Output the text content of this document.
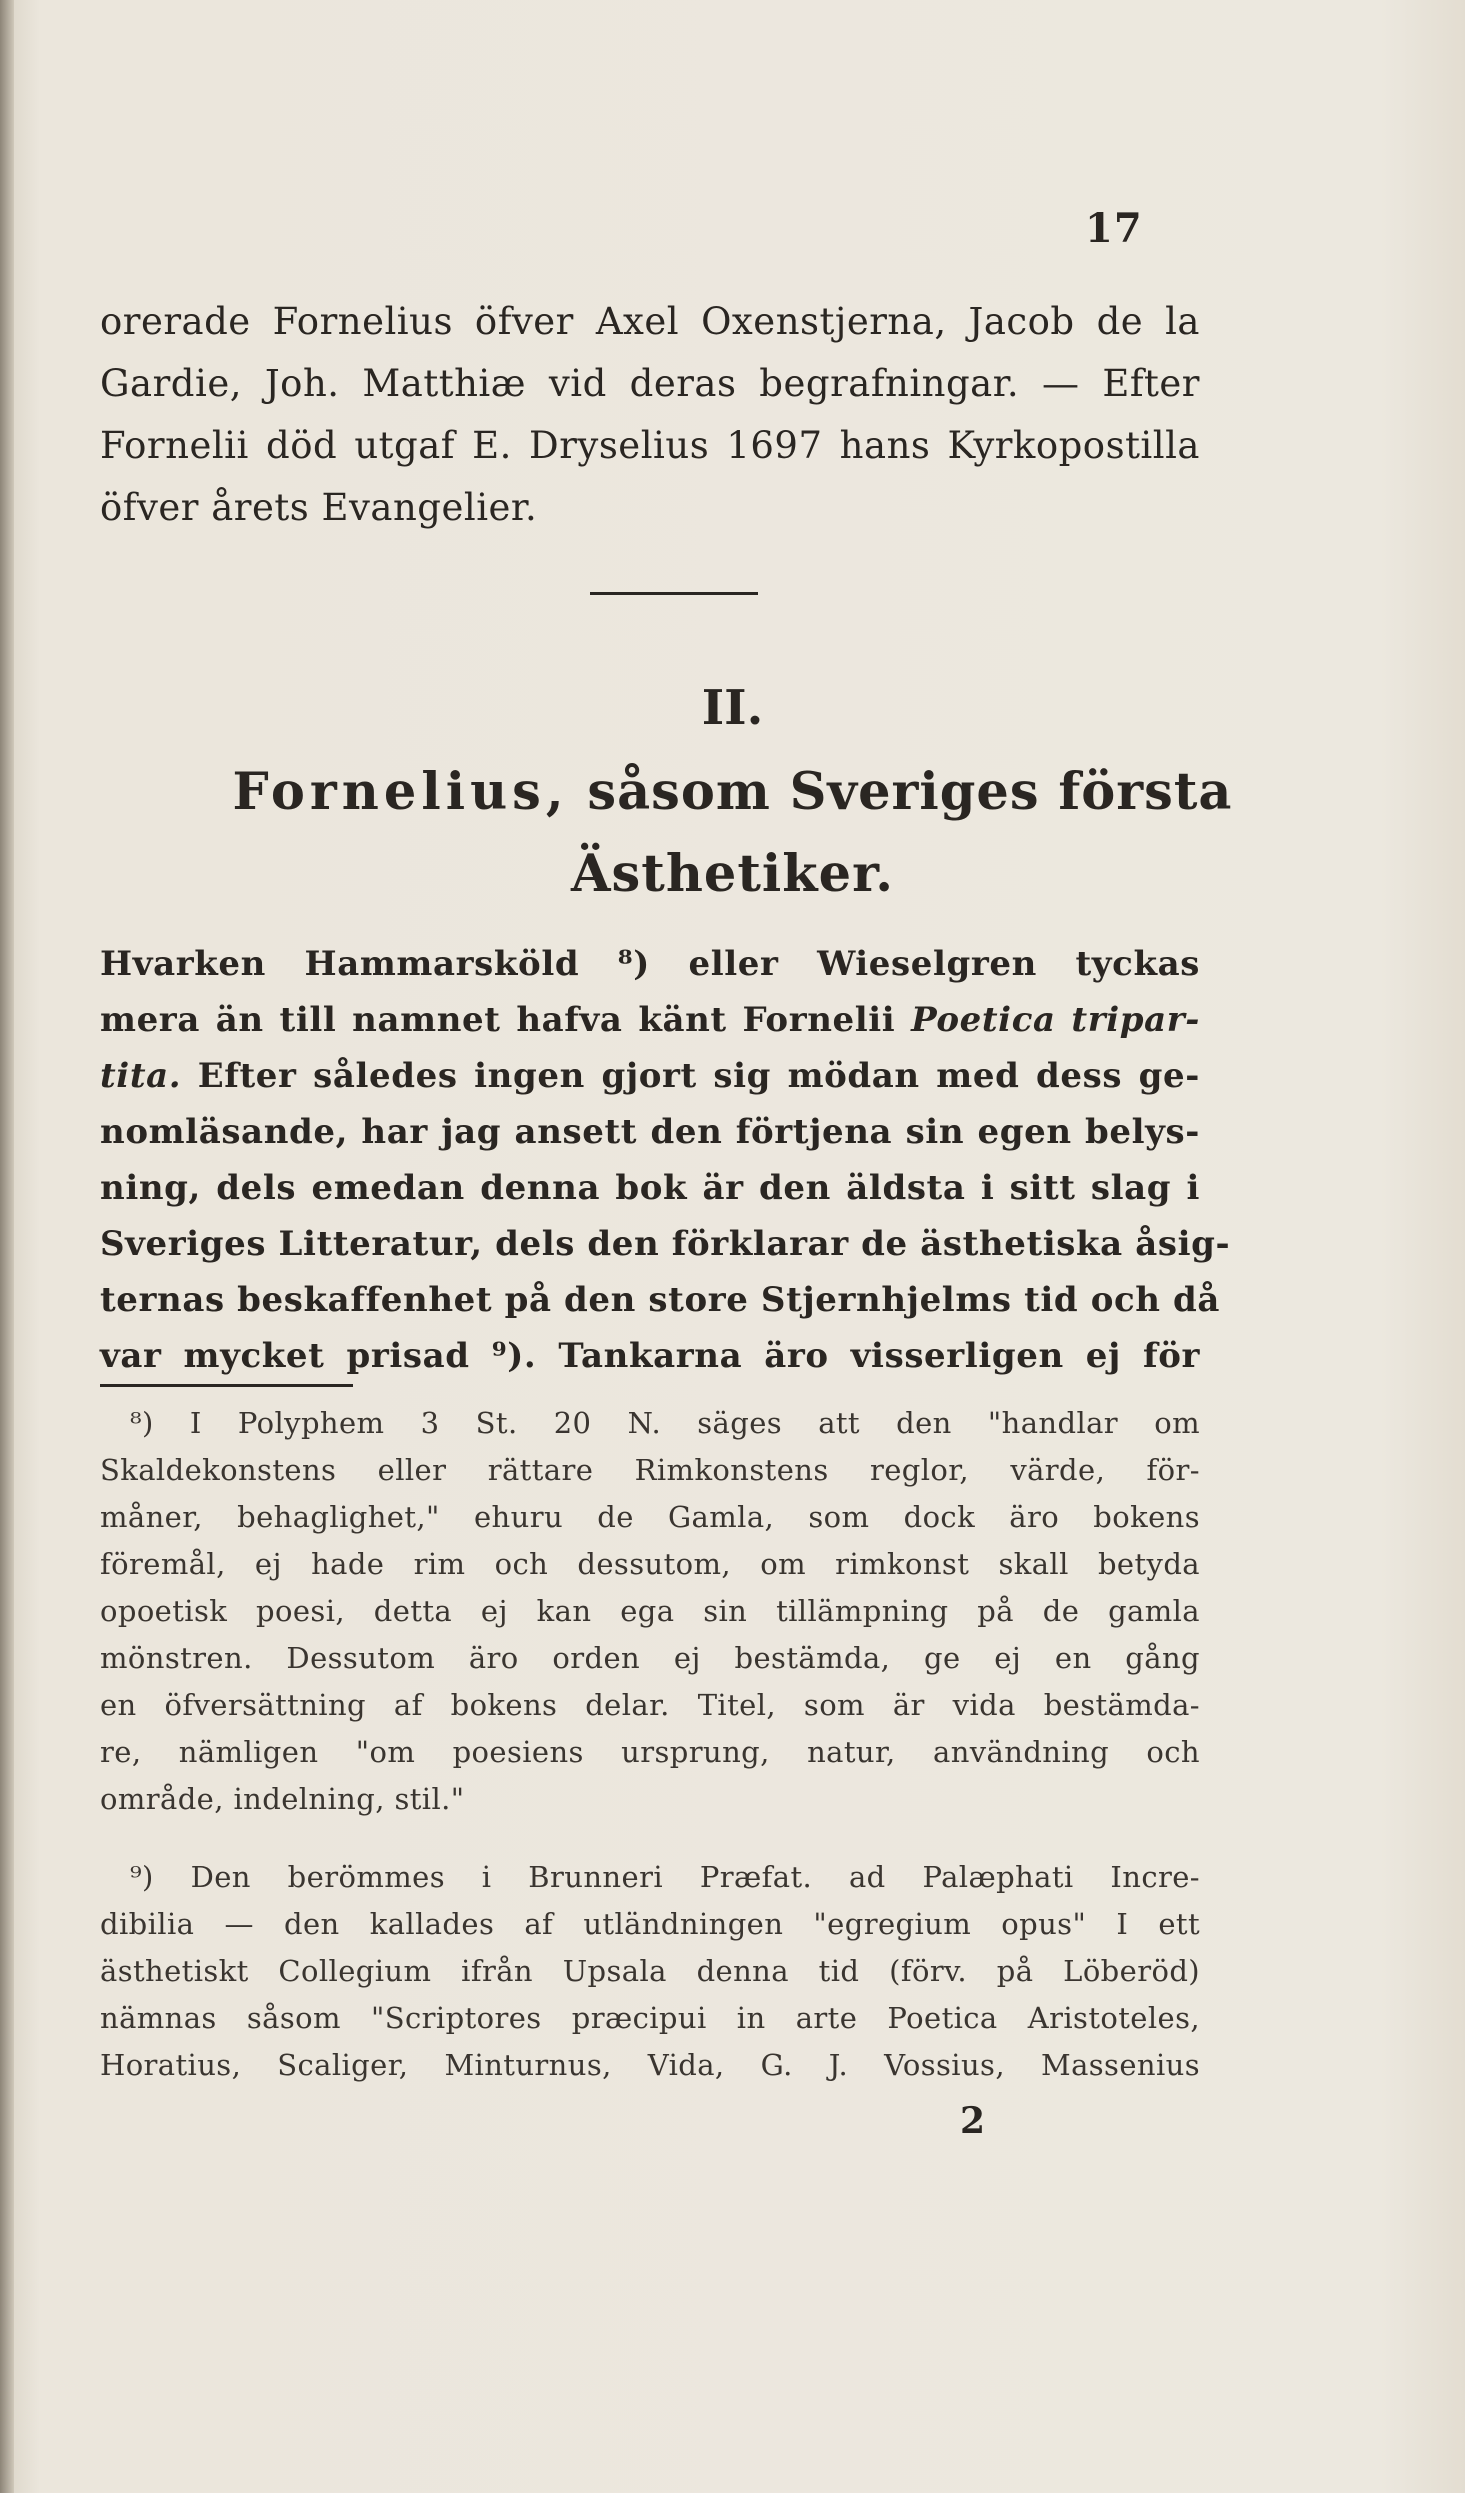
17
orerade Fornelius öfver Axel Oxenstjerna, Jacob de la
Gardie, Joh. Matthiæ vid deras begrafningar. — Efter
Fornelii död utgaf E. Dryselius 1697 hans Kyrkopostilla
öfver årets Evangelier.
II.
Fornelius, såsom Sveriges första
Ästhetiker.
Hvarken Hammarsköld ⁸) eller Wieselgren tyckas
mera än till namnet hafva känt Fornelii Poetica tripar-
tita. Efter således ingen gjort sig mödan med dess ge-
nomläsande, har jag ansett den förtjena sin egen belys-
ning, dels emedan denna bok är den äldsta i sitt slag i
Sveriges Litteratur, dels den förklarar de ästhetiska åsig-
ternas beskaffenhet på den store Stjernhjelms tid och då
var mycket prisad ⁹). Tankarna äro visserligen ej för
⁸) I Polyphem 3 St. 20 N. säges att den "handlar om
Skaldekonstens eller rättare Rimkonstens reglor, värde, för-
måner, behaglighet," ehuru de Gamla, som dock äro bokens
föremål, ej hade rim och dessutom, om rimkonst skall betyda
opoetisk poesi, detta ej kan ega sin tillämpning på de gamla
mönstren. Dessutom äro orden ej bestämda, ge ej en gång
en öfversättning af bokens delar. Titel, som är vida bestämda-
re, nämligen "om poesiens ursprung, natur, användning och
område, indelning, stil."
⁹) Den berömmes i Brunneri Præfat. ad Palæphati Incre-
dibilia — den kallades af utländningen "egregium opus" I ett
ästhetiskt Collegium ifrån Upsala denna tid (förv. på Löberöd)
nämnas såsom "Scriptores præcipui in arte Poetica Aristoteles,
Horatius, Scaliger, Minturnus, Vida, G. J. Vossius, Massenius
2
